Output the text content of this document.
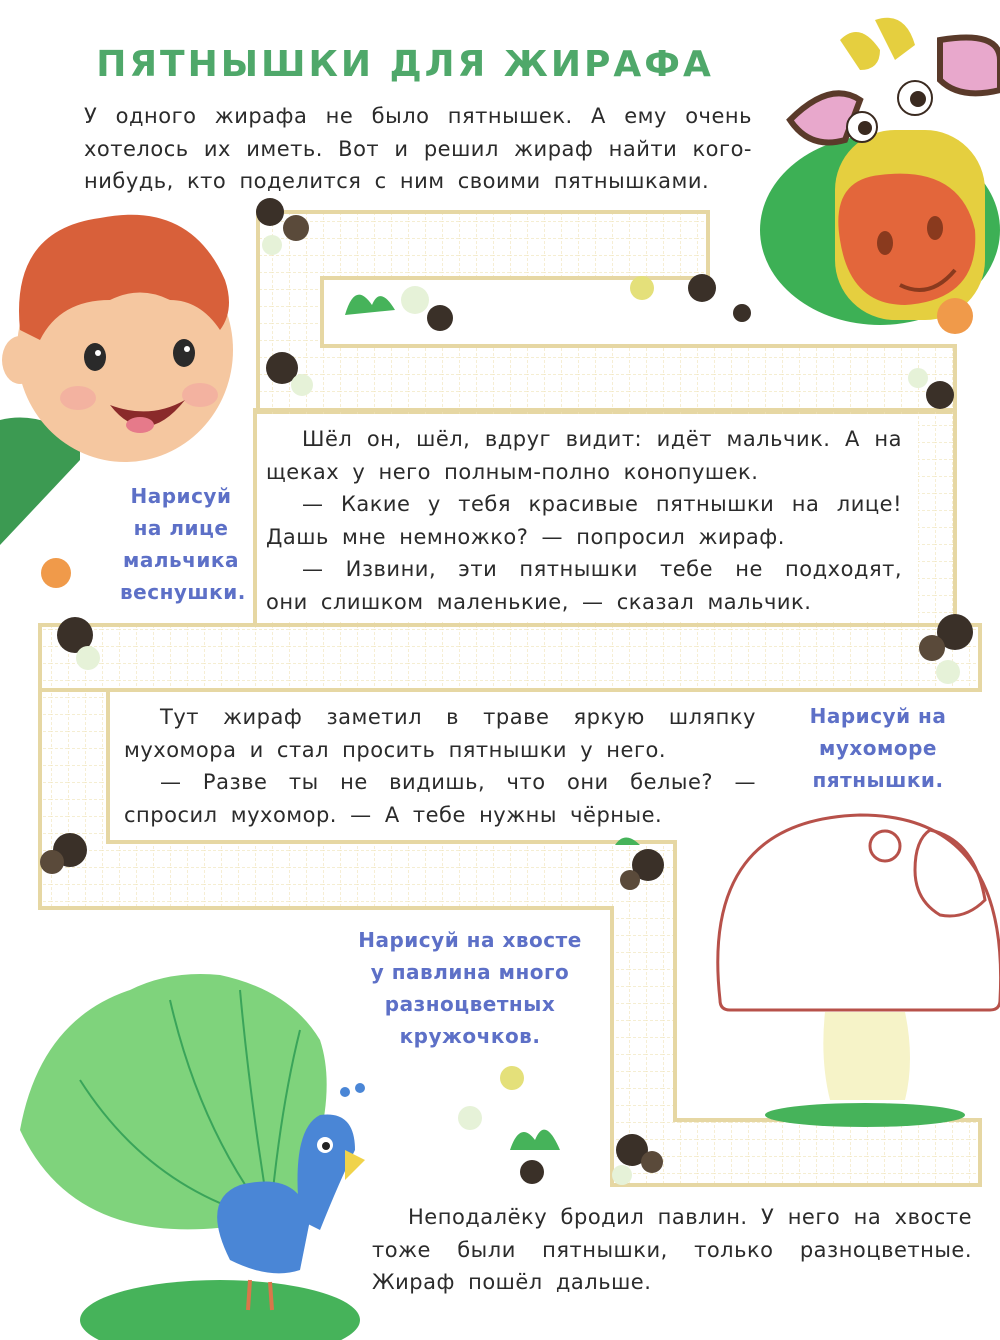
ПЯТНЫШКИ ДЛЯ ЖИРАФА

У одного жирафа не было пятнышек. А ему очень хотелось их иметь. Вот и решил жираф найти кого-нибудь, кто поделится с ним своими пятнышками.

Шёл он, шёл, вдруг видит: идёт мальчик. А на щеках у него полным-полно конопушек.

— Какие у тебя красивые пятнышки на лице! Дашь мне немножко? — попросил жираф.

— Извини, эти пятнышки тебе не подходят, они слишком маленькие, — сказал мальчик.

Тут жираф заметил в траве яркую шляпку мухомора и стал просить пятнышки у него.

— Разве ты не видишь, что они белые? — спросил мухомор. — А тебе нужны чёрные.

Неподалёку бродил павлин. У него на хвосте тоже были пятнышки, только разноцветные. Жираф пошёл дальше.

Нарисуй на лице мальчика веснушки.
Нарисуй на мухоморе пятнышки.
Нарисуй на хвосте у павлина много разноцветных кружочков.
